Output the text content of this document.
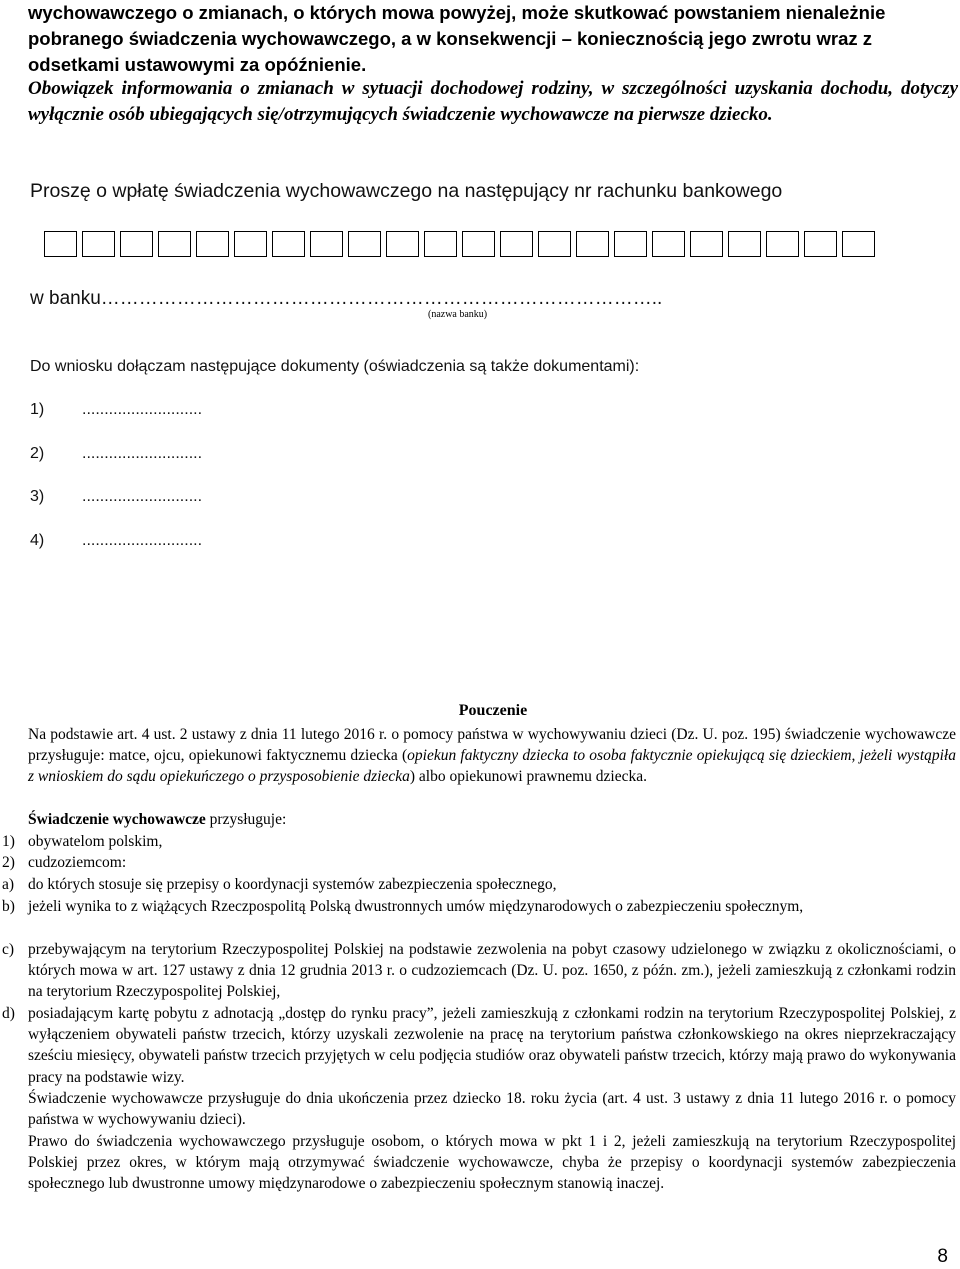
wychowawczego o zmianach, o których mowa powyżej, może skutkować powstaniem nienależnie
pobranego świadczenia wychowawczego, a w konsekwencji – koniecznością jego zwrotu wraz z
odsetkami ustawowymi za opóźnienie.

Obowiązek informowania o zmianach w sytuacji dochodowej rodziny, w szczególności uzyskania dochodu, dotyczy wyłącznie osób ubiegających się/otrzymujących świadczenie wychowawcze na pierwsze dziecko.

Proszę o wpłatę świadczenia wychowawczego na następujący nr rachunku bankowego
w banku……………………………………………………………………………..
(nazwa banku)
Do wniosku dołączam następujące dokumenty (oświadczenia są także dokumentami):
1) ...........................
2) ...........................
3) ...........................
4) ...........................
Pouczenie

Na podstawie art. 4 ust. 2 ustawy z dnia 11 lutego 2016 r. o pomocy państwa w wychowywaniu dzieci (Dz. U. poz. 195) świadczenie wychowawcze przysługuje: matce, ojcu, opiekunowi faktycznemu dziecka (opiekun faktyczny dziecka to osoba faktycznie opiekującą się dzieckiem, jeżeli wystąpiła z wnioskiem do sądu opiekuńczego o przysposobienie dziecka) albo opiekunowi prawnemu dziecka.

Świadczenie wychowawcze przysługuje:

1) obywatelom polskim,
2) cudzoziemcom:
a) do których stosuje się przepisy o koordynacji systemów zabezpieczenia społecznego,
b) jeżeli wynika to z wiążących Rzeczpospolitą Polską dwustronnych umów międzynarodowych o zabezpieczeniu społecznym,
c) przebywającym na terytorium Rzeczypospolitej Polskiej na podstawie zezwolenia na pobyt czasowy udzielonego w związku z okolicznościami, o których mowa w art. 127 ustawy z dnia 12 grudnia 2013 r. o cudzoziemcach (Dz. U. poz. 1650, z późn. zm.), jeżeli zamieszkują z członkami rodzin na terytorium Rzeczypospolitej Polskiej,
d) posiadającym kartę pobytu z adnotacją „dostęp do rynku pracy”, jeżeli zamieszkują z członkami rodzin na terytorium Rzeczypospolitej Polskiej, z wyłączeniem obywateli państw trzecich, którzy uzyskali zezwolenie na pracę na terytorium państwa członkowskiego na okres nieprzekraczający sześciu miesięcy, obywateli państw trzecich przyjętych w celu podjęcia studiów oraz obywateli państw trzecich, którzy mają prawo do wykonywania pracy na podstawie wizy.

Świadczenie wychowawcze przysługuje do dnia ukończenia przez dziecko 18. roku życia (art. 4 ust. 3 ustawy z dnia 11 lutego 2016 r. o pomocy państwa w wychowywaniu dzieci).

Prawo do świadczenia wychowawczego przysługuje osobom, o których mowa w pkt 1 i 2, jeżeli zamieszkują na terytorium Rzeczypospolitej Polskiej przez okres, w którym mają otrzymywać świadczenie wychowawcze, chyba że przepisy o koordynacji systemów zabezpieczenia społecznego lub dwustronne umowy międzynarodowe o zabezpieczeniu społecznym stanowią inaczej.

8
